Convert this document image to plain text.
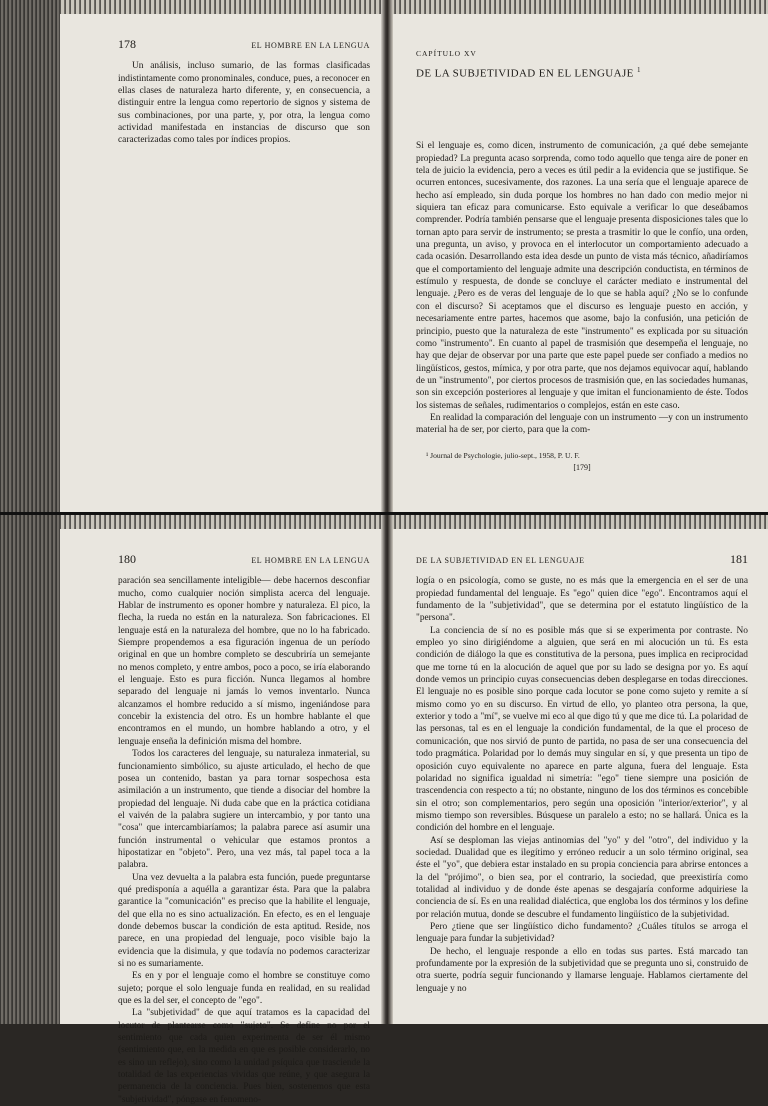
178	EL HOMBRE EN LA LENGUA

Un análisis, incluso sumario, de las formas clasificadas indistintamente como pronominales, conduce, pues, a reconocer en ellas clases de naturaleza harto diferente, y, en consecuencia, a distinguir entre la lengua como repertorio de signos y sistema de sus combinaciones, por una parte, y, por otra, la lengua como actividad manifestada en instancias de discurso que son caracterizadas como tales por índices propios.

CAPÍTULO XV
DE LA SUBJETIVIDAD EN EL LENGUAJE $^1$

Si el lenguaje es, como dicen, instrumento de comunicación, ¿a qué debe semejante propiedad? La pregunta acaso sorprenda, como todo aquello que tenga aire de poner en tela de juicio la evidencia, pero a veces es útil pedir a la evidencia que se justifique. Se ocurren entonces, sucesivamente, dos razones. La una sería que el lenguaje aparece de hecho así empleado, sin duda porque los hombres no han dado con medio mejor ni siquiera tan eficaz para comunicarse. Esto equivale a verificar lo que deseábamos comprender. Podría también pensarse que el lenguaje presenta disposiciones tales que lo tornan apto para servir de instrumento; se presta a trasmitir lo que le confío, una orden, una pregunta, un aviso, y provoca en el interlocutor un comportamiento adecuado a cada ocasión. Desarrollando esta idea desde un punto de vista más técnico, añadiríamos que el comportamiento del lenguaje admite una descripción conductista, en términos de estímulo y respuesta, de donde se concluye el carácter mediato e instrumental del lenguaje. ¿Pero es de veras del lenguaje de lo que se habla aquí? ¿No se lo confunde con el discurso? Si aceptamos que el discurso es lenguaje puesto en acción, y necesariamente entre partes, hacemos que asome, bajo la confusión, una petición de principio, puesto que la naturaleza de este "instrumento" es explicada por su situación como "instrumento". En cuanto al papel de trasmisión que desempeña el lenguaje, no hay que dejar de observar por una parte que este papel puede ser confiado a medios no lingüísticos, gestos, mímica, y por otra parte, que nos dejamos equivocar aquí, hablando de un "instrumento", por ciertos procesos de trasmisión que, en las sociedades humanas, son sin excepción posteriores al lenguaje y que imitan el funcionamiento de éste. Todos los sistemas de señales, rudimentarios o complejos, están en este caso.

En realidad la comparación del lenguaje con un instrumento —y con un instrumento material ha de ser, por cierto, para que la com-

¹ Journal de Psychologie, julio-sept., 1958, P. U. F.

[179]
180	EL HOMBRE EN LA LENGUA

paración sea sencillamente inteligible— debe hacernos desconfiar mucho, como cualquier noción simplista acerca del lenguaje. Hablar de instrumento es oponer hombre y naturaleza. El pico, la flecha, la rueda no están en la naturaleza. Son fabricaciones. El lenguaje está en la naturaleza del hombre, que no lo ha fabricado. Siempre propendemos a esa figuración ingenua de un período original en que un hombre completo se descubriría un semejante no menos completo, y entre ambos, poco a poco, se iría elaborando el lenguaje. Esto es pura ficción. Nunca llegamos al hombre separado del lenguaje ni jamás lo vemos inventarlo. Nunca alcanzamos el hombre reducido a sí mismo, ingeniándose para concebir la existencia del otro. Es un hombre hablante el que encontramos en el mundo, un hombre hablando a otro, y el lenguaje enseña la definición misma del hombre.

Todos los caracteres del lenguaje, su naturaleza inmaterial, su funcionamiento simbólico, su ajuste articulado, el hecho de que posea un contenido, bastan ya para tornar sospechosa esta asimilación a un instrumento, que tiende a disociar del hombre la propiedad del lenguaje. Ni duda cabe que en la práctica cotidiana el vaivén de la palabra sugiere un intercambio, y por tanto una "cosa" que intercambiaríamos; la palabra parece así asumir una función instrumental o vehicular que estamos prontos a hipostatizar en "objeto". Pero, una vez más, tal papel toca a la palabra.

Una vez devuelta a la palabra esta función, puede preguntarse qué predisponía a aquélla a garantizar ésta. Para que la palabra garantice la "comunicación" es preciso que la habilite el lenguaje, del que ella no es sino actualización. En efecto, es en el lenguaje donde debemos buscar la condición de esta aptitud. Reside, nos parece, en una propiedad del lenguaje, poco visible bajo la evidencia que la disimula, y que todavía no podemos caracterizar si no es sumariamente.

Es en y por el lenguaje como el hombre se constituye como sujeto; porque el solo lenguaje funda en realidad, en su realidad que es la del ser, el concepto de "ego".

La "subjetividad" de que aquí tratamos es la capacidad del locutor de plantearse como "sujeto". Se define no por el sentimiento que cada quien experimenta de ser él mismo (sentimiento que, en la medida en que es posible considerarlo, no es sino un reflejo), sino como la unidad psíquica que trasciende la totalidad de las experiencias vividas que reúne, y que asegura la permanencia de la conciencia. Pues bien, sostenemos que esta "subjetividad", póngase en fenomeno-

DE LA SUBJETIVIDAD EN EL LENGUAJE	181

logía o en psicología, como se guste, no es más que la emergencia en el ser de una propiedad fundamental del lenguaje. Es "ego" quien dice "ego". Encontramos aquí el fundamento de la "subjetividad", que se determina por el estatuto lingüístico de la "persona".

La conciencia de sí no es posible más que si se experimenta por contraste. No empleo yo sino dirigiéndome a alguien, que será en mi alocución un tú. Es esta condición de diálogo la que es constitutiva de la persona, pues implica en reciprocidad que me torne tú en la alocución de aquel que por su lado se designa por yo. Es aquí donde vemos un principio cuyas consecuencias deben desplegarse en todas direcciones. El lenguaje no es posible sino porque cada locutor se pone como sujeto y remite a sí mismo como yo en su discurso. En virtud de ello, yo planteo otra persona, la que, exterior y todo a "mí", se vuelve mi eco al que digo tú y que me dice tú. La polaridad de las personas, tal es en el lenguaje la condición fundamental, de la que el proceso de comunicación, que nos sirvió de punto de partida, no pasa de ser una consecuencia del todo pragmática. Polaridad por lo demás muy singular en sí, y que presenta un tipo de oposición cuyo equivalente no aparece en parte alguna, fuera del lenguaje. Esta polaridad no significa igualdad ni simetría: "ego" tiene siempre una posición de trascendencia con respecto a tú; no obstante, ninguno de los dos términos es concebible sin el otro; son complementarios, pero según una oposición "interior/exterior", y al mismo tiempo son reversibles. Búsquese un paralelo a esto; no se hallará. Única es la condición del hombre en el lenguaje.

Así se desploman las viejas antinomias del "yo" y del "otro", del individuo y la sociedad. Dualidad que es ilegítimo y erróneo reducir a un solo término original, sea éste el "yo", que debiera estar instalado en su propia conciencia para abrirse entonces a la del "prójimo", o bien sea, por el contrario, la sociedad, que preexistiría como totalidad al individuo y de donde éste apenas se desgajaría conforme adquiriese la conciencia de sí. Es en una realidad dialéctica, que engloba los dos términos y los define por relación mutua, donde se descubre el fundamento lingüístico de la subjetividad.

Pero ¿tiene que ser lingüístico dicho fundamento? ¿Cuáles títulos se arroga el lenguaje para fundar la subjetividad?

De hecho, el lenguaje responde a ello en todas sus partes. Está marcado tan profundamente por la expresión de la subjetividad que se pregunta uno si, construido de otra suerte, podría seguir funcionando y llamarse lenguaje. Hablamos ciertamente del lenguaje y no
